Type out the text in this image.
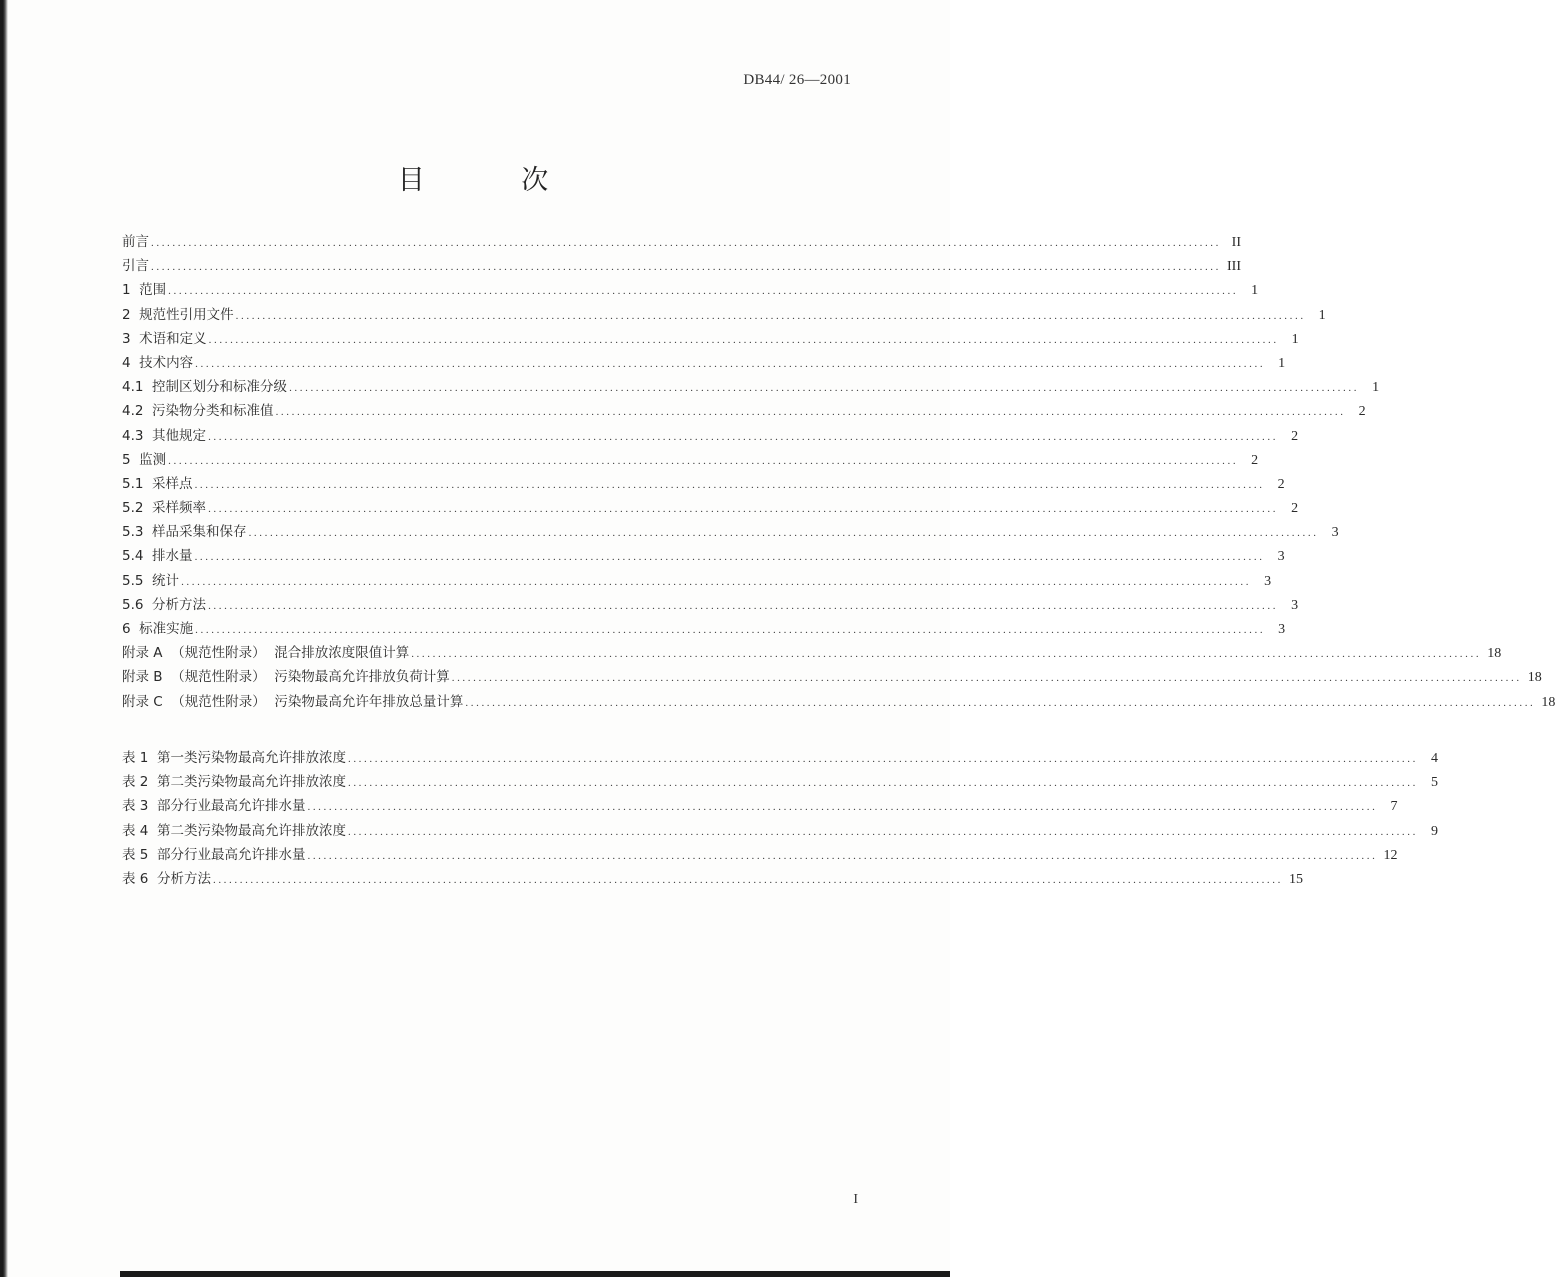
DB44/ 26—2001
目 次
前言 ........................................................................................................................................................................................................ II
引言 ........................................................................................................................................................................................................ III
1  范围 ........................................................................................................................................................................................................ 1
2  规范性引用文件 ........................................................................................................................................................................................................ 1
3  术语和定义 ........................................................................................................................................................................................................ 1
4  技术内容 ........................................................................................................................................................................................................ 1
4.1  控制区划分和标准分级 ........................................................................................................................................................................................................ 1
4.2  污染物分类和标准值 ........................................................................................................................................................................................................ 2
4.3  其他规定 ........................................................................................................................................................................................................ 2
5  监测 ........................................................................................................................................................................................................ 2
5.1  采样点 ........................................................................................................................................................................................................ 2
5.2  采样频率 ........................................................................................................................................................................................................ 2
5.3  样品采集和保存 ........................................................................................................................................................................................................ 3
5.4  排水量 ........................................................................................................................................................................................................ 3
5.5  统计 ........................................................................................................................................................................................................ 3
5.6  分析方法 ........................................................................................................................................................................................................ 3
6  标准实施 ........................................................................................................................................................................................................ 3
附录 A  （规范性附录）  混合排放浓度限值计算 ........................................................................................................................................................................................................ 18
附录 B  （规范性附录）  污染物最高允许排放负荷计算 ........................................................................................................................................................................................................ 18
附录 C  （规范性附录）  污染物最高允许年排放总量计算 ........................................................................................................................................................................................................ 18
表 1  第一类污染物最高允许排放浓度 ........................................................................................................................................................................................................ 4
表 2  第二类污染物最高允许排放浓度 ........................................................................................................................................................................................................ 5
表 3  部分行业最高允许排水量 ........................................................................................................................................................................................................ 7
表 4  第二类污染物最高允许排放浓度 ........................................................................................................................................................................................................ 9
表 5  部分行业最高允许排水量 ........................................................................................................................................................................................................ 12
表 6  分析方法 ........................................................................................................................................................................................................ 15
I
